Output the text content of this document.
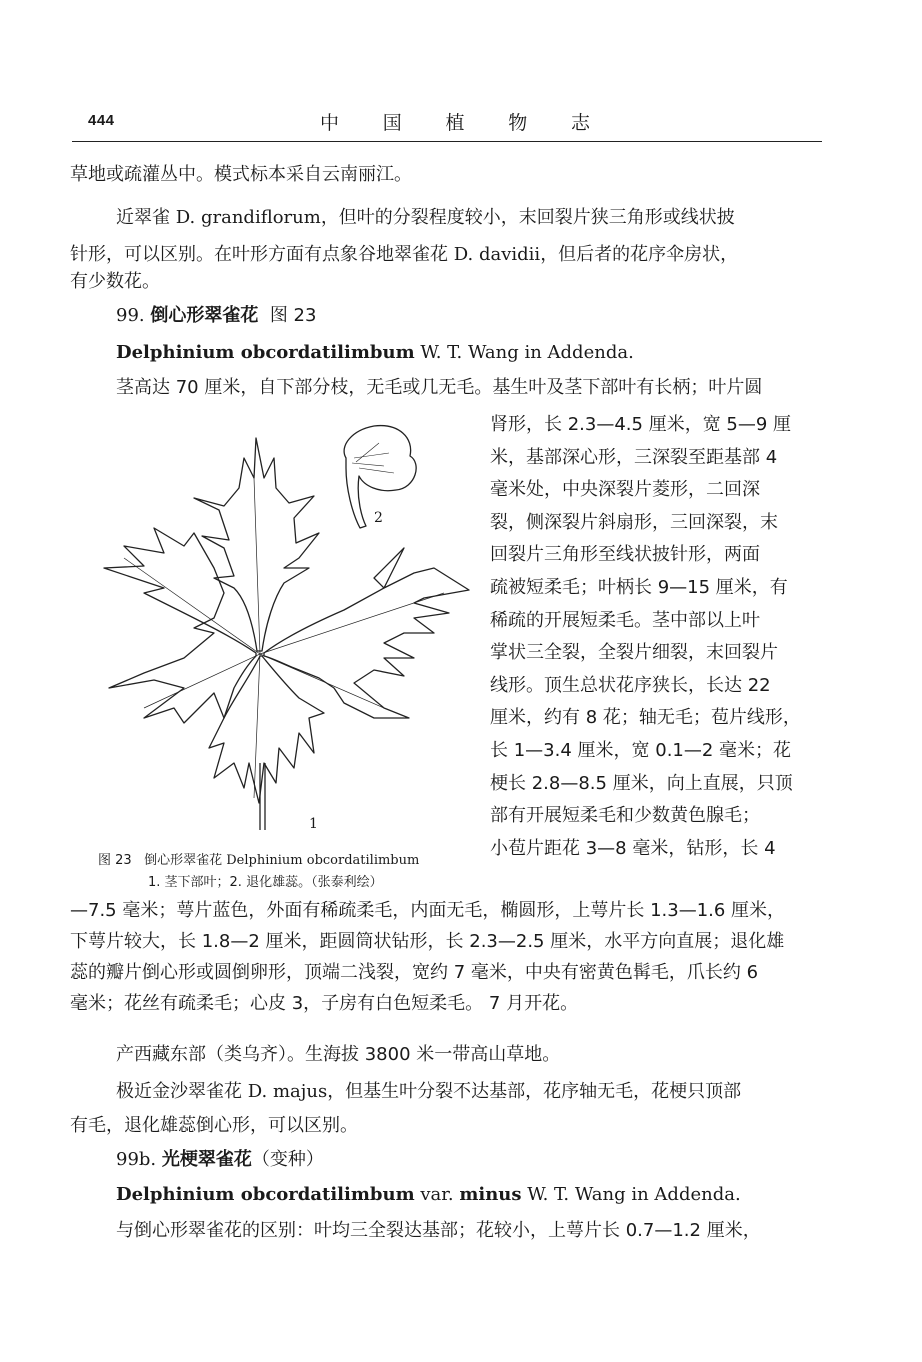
444	中 国 植 物 志
草地或疏灌丛中。模式标本采自云南丽江。
近翠雀 D. grandiflorum，但叶的分裂程度较小，末回裂片狭三角形或线状披
针形，可以区别。在叶形方面有点象谷地翠雀花 D. davidii，但后者的花序伞房状，
有少数花。
99. 倒心形翠雀花 图 23
Delphinium obcordatilimbum W. T. Wang in Addenda.
茎高达 70 厘米，自下部分枝，无毛或几无毛。基生叶及茎下部叶有长柄；叶片圆
肾形，长 2.3—4.5 厘米，宽 5—9 厘
米，基部深心形，三深裂至距基部 4
毫米处，中央深裂片菱形，二回深
裂，侧深裂片斜扇形，三回深裂，末
回裂片三角形至线状披针形，两面
疏被短柔毛；叶柄长 9—15 厘米，有
稀疏的开展短柔毛。茎中部以上叶
掌状三全裂，全裂片细裂，末回裂片
线形。顶生总状花序狭长，长达 22
厘米，约有 8 花；轴无毛；苞片线形，
长 1—3.4 厘米，宽 0.1—2 毫米；花
梗长 2.8—8.5 厘米，向上直展，只顶
部有开展短柔毛和少数黄色腺毛；
小苞片距花 3—8 毫米，钻形，长 4
2
1
图 23 倒心形翠雀花 Delphinium obcordatilimbum
1. 茎下部叶；2. 退化雄蕊。（张泰利绘）
—7.5 毫米；萼片蓝色，外面有稀疏柔毛，内面无毛，椭圆形，上萼片长 1.3—1.6 厘米，
下萼片较大，长 1.8—2 厘米，距圆筒状钻形，长 2.3—2.5 厘米，水平方向直展；退化雄
蕊的瓣片倒心形或圆倒卵形，顶端二浅裂，宽约 7 毫米，中央有密黄色髯毛，爪长约 6
毫米；花丝有疏柔毛；心皮 3，子房有白色短柔毛。 7 月开花。
产西藏东部（类乌齐）。生海拔 3800 米一带高山草地。
极近金沙翠雀花 D. majus，但基生叶分裂不达基部，花序轴无毛，花梗只顶部
有毛，退化雄蕊倒心形，可以区别。
99b. 光梗翠雀花（变种）
Delphinium obcordatilimbum var. minus W. T. Wang in Addenda.
与倒心形翠雀花的区别：叶均三全裂达基部；花较小，上萼片长 0.7—1.2 厘米，
